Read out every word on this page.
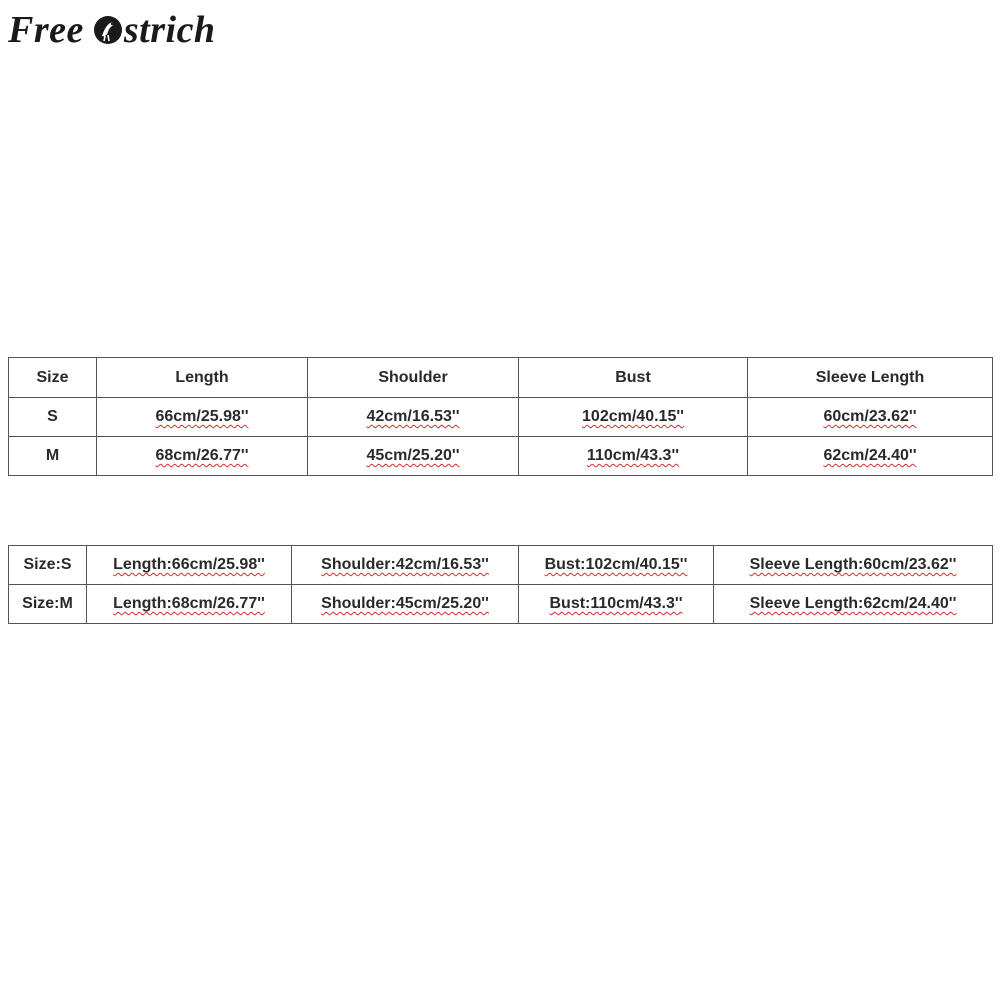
Free strich
Size	Length	Shoulder	Bust	Sleeve Length
S	66cm/25.98''	42cm/16.53''	102cm/40.15''	60cm/23.62''
M	68cm/26.77''	45cm/25.20''	110cm/43.3''	62cm/24.40''
Size:S	Length:66cm/25.98''	Shoulder:42cm/16.53''	Bust:102cm/40.15''	Sleeve Length:60cm/23.62''
Size:M	Length:68cm/26.77''	Shoulder:45cm/25.20''	Bust:110cm/43.3''	Sleeve Length:62cm/24.40''
